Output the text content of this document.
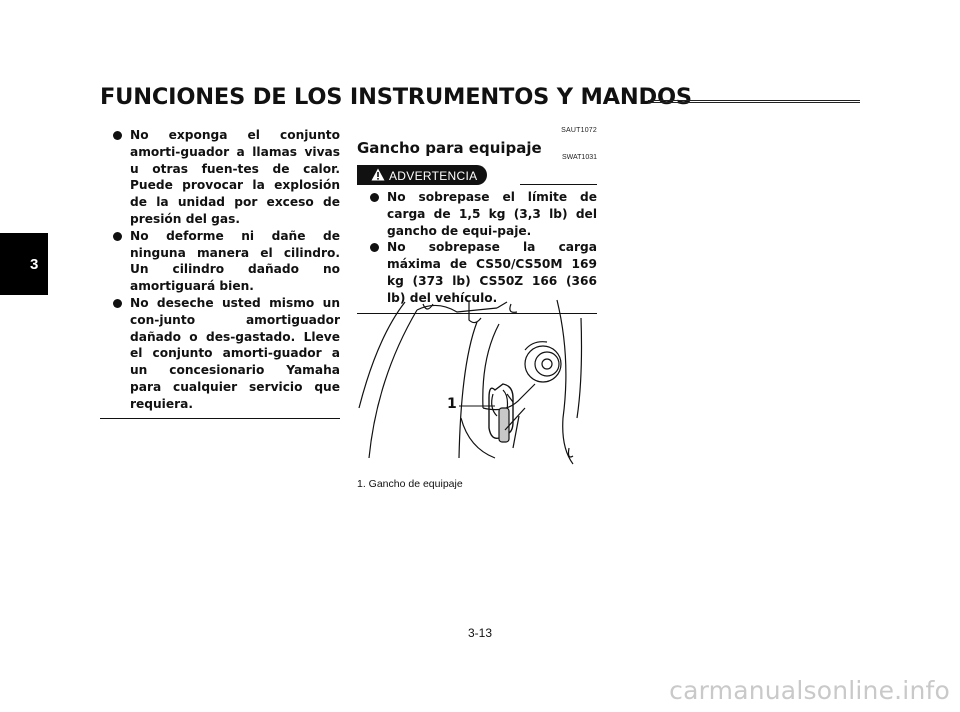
FUNCIONES DE LOS INSTRUMENTOS Y MANDOS
3
No exponga el conjunto amorti-guador a llamas vivas u otras fuen-tes de calor. Puede provocar la explosión de la unidad por exceso de presión del gas.
No deforme ni dañe de ninguna manera el cilindro. Un cilindro dañado no amortiguará bien.
No deseche usted mismo un con-junto amortiguador dañado o des-gastado. Lleve el conjunto amorti-guador a un concesionario Yamaha para cualquier servicio que requiera.
SAUT1072
Gancho para equipaje
SWAT1031
ADVERTENCIA
No sobrepase el límite de carga de 1,5 kg (3,3 lb) del gancho de equi-paje.
No sobrepase la carga máxima de CS50/CS50M 169 kg (373 lb) CS50Z 166 (366 lb) del vehículo.
1
1. Gancho de equipaje
3-13
carmanualsonline.info
